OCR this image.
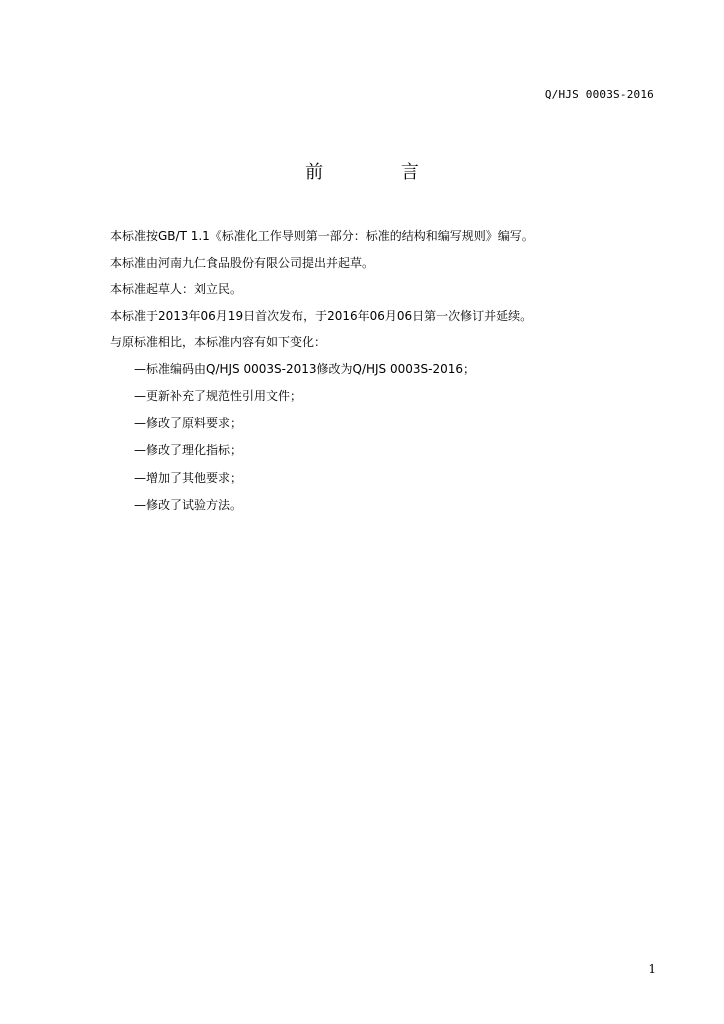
Q/HJS 0003S-2016
前 言
本标准按GB/T 1.1《标准化工作导则第一部分：标准的结构和编写规则》编写。
本标准由河南九仁食品股份有限公司提出并起草。
本标准起草人：刘立民。
本标准于2013年06月19日首次发布，于2016年06月06日第一次修订并延续。
与原标准相比，本标准内容有如下变化：
—标准编码由Q/HJS 0003S-2013修改为Q/HJS 0003S-2016；
—更新补充了规范性引用文件；
—修改了原料要求；
—修改了理化指标；
—增加了其他要求；
—修改了试验方法。
1
